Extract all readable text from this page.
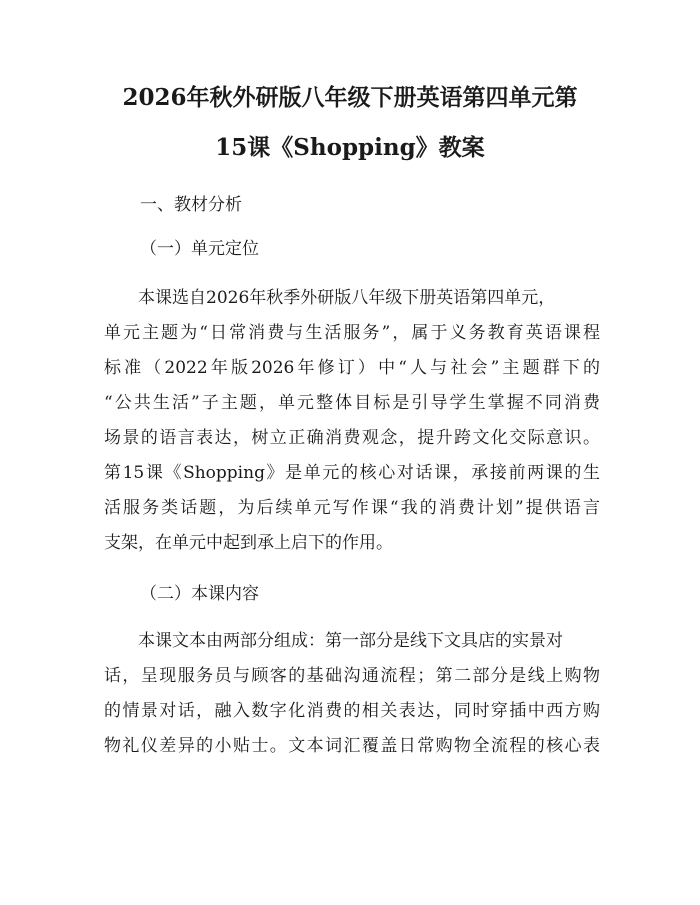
2026年秋外研版八年级下册英语第四单元第
15课《Shopping》教案

一、教材分析

（一）单元定位

本课选自2026年秋季外研版八年级下册英语第四单元，
单元主题为“日常消费与生活服务”，属于义务教育英语课程
标准（2022年版2026年修订）中“人与社会”主题群下的
“公共生活”子主题，单元整体目标是引导学生掌握不同消费
场景的语言表达，树立正确消费观念，提升跨文化交际意识。
第15课《Shopping》是单元的核心对话课，承接前两课的生
活服务类话题，为后续单元写作课“我的消费计划”提供语言
支架，在单元中起到承上启下的作用。

（二）本课内容

本课文本由两部分组成：第一部分是线下文具店的实景对
话，呈现服务员与顾客的基础沟通流程；第二部分是线上购物
的情景对话，融入数字化消费的相关表达，同时穿插中西方购
物礼仪差异的小贴士。文本词汇覆盖日常购物全流程的核心表
